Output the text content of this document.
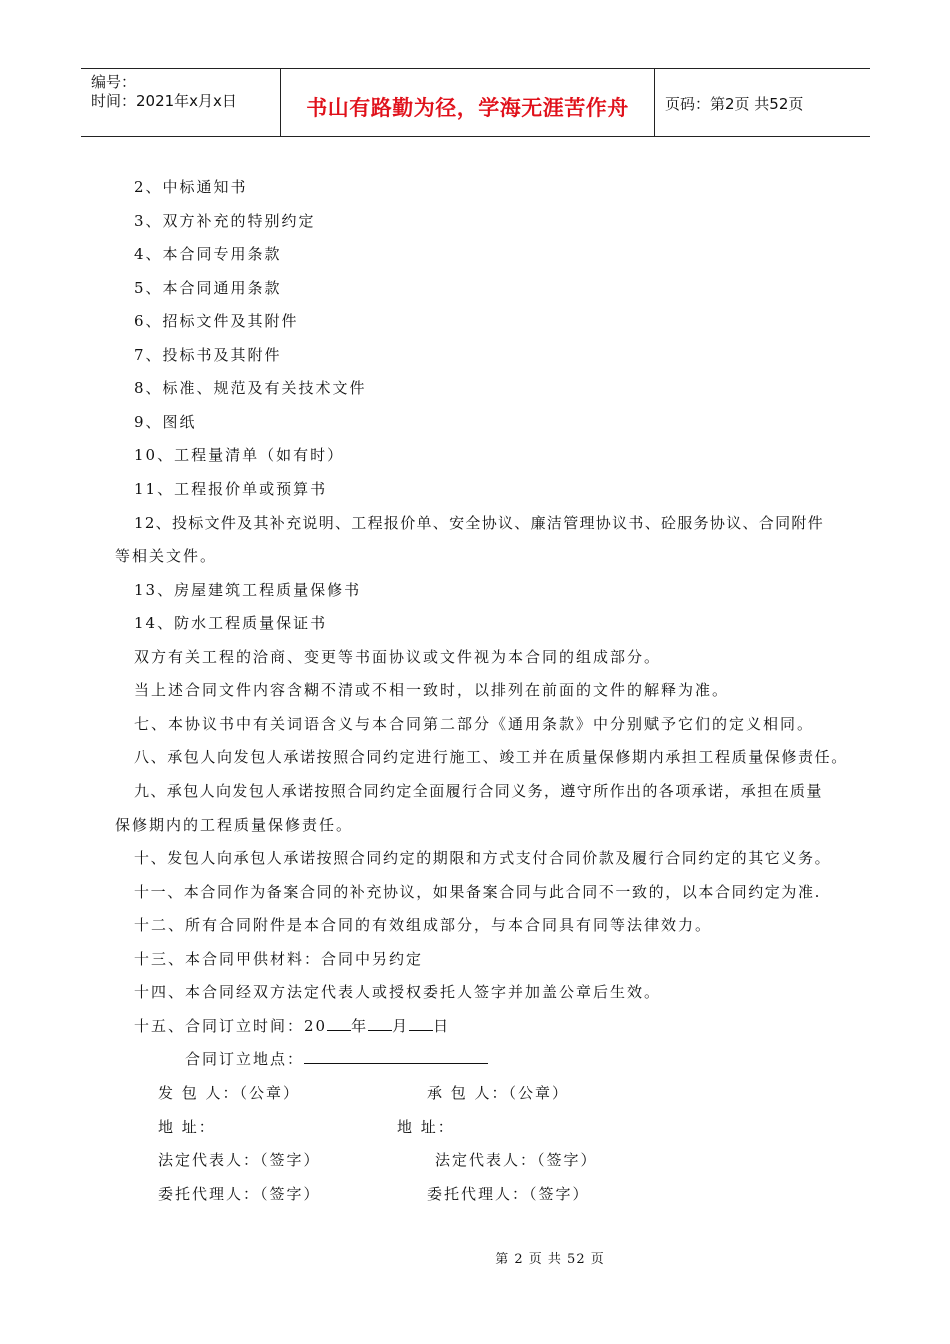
编号：
时间：2021年x月x日	书山有路勤为径，学海无涯苦作舟	页码：第2页 共52页
2、中标通知书
3、双方补充的特别约定
4、本合同专用条款
5、本合同通用条款
6、招标文件及其附件
7、投标书及其附件
8、标准、规范及有关技术文件
9、图纸
10、工程量清单（如有时）
11、工程报价单或预算书
12、投标文件及其补充说明、工程报价单、安全协议、廉洁管理协议书、砼服务协议、合同附件
等相关文件。
13、房屋建筑工程质量保修书
14、防水工程质量保证书
双方有关工程的洽商、变更等书面协议或文件视为本合同的组成部分。
当上述合同文件内容含糊不清或不相一致时，以排列在前面的文件的解释为准。
七、本协议书中有关词语含义与本合同第二部分《通用条款》中分别赋予它们的定义相同。
八、承包人向发包人承诺按照合同约定进行施工、竣工并在质量保修期内承担工程质量保修责任。
九、承包人向发包人承诺按照合同约定全面履行合同义务，遵守所作出的各项承诺，承担在质量
保修期内的工程质量保修责任。
十、发包人向承包人承诺按照合同约定的期限和方式支付合同价款及履行合同约定的其它义务。
十一、本合同作为备案合同的补充协议，如果备案合同与此合同不一致的，以本合同约定为准.
十二、所有合同附件是本合同的有效组成部分，与本合同具有同等法律效力。
十三、本合同甲供材料：合同中另约定
十四、本合同经双方法定代表人或授权委托人签字并加盖公章后生效。
十五、合同订立时间：20 年 月 日
合同订立地点：
发 包 人：（公章）	承 包 人：（公章）
地 址：	地 址：
法定代表人：（签字）	法定代表人：（签字）
委托代理人：（签字）	委托代理人：（签字）
第 2 页 共 52 页
